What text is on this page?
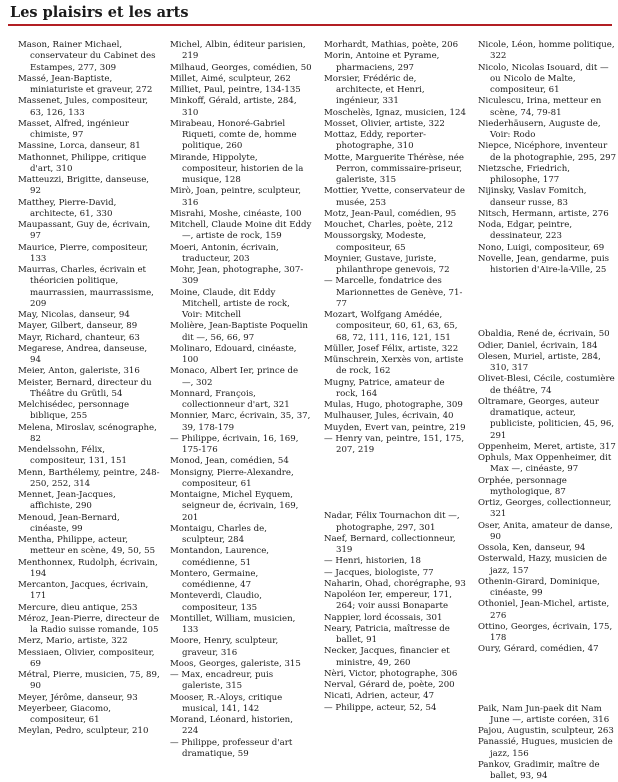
Les plaisirs et les arts

Mason, Rainer Michael, conservateur du Cabinet des Estampes, 277, 309

Massé, Jean-Baptiste, miniaturiste et graveur, 272

Massenet, Jules, compositeur, 63, 126, 133

Masset, Alfred, ingénieur chimiste, 97

Massine, Lorca, danseur, 81

Mathonnet, Philippe, critique d'art, 310

Matteuzzi, Brigitte, danseuse, 92

Matthey, Pierre-David, architecte, 61, 330

Maupassant, Guy de, écrivain, 97

Maurice, Pierre, compositeur, 133

Maurras, Charles, écrivain et théoricien politique, maurrassien, maurrassisme, 209

May, Nicolas, danseur, 94

Mayer, Gilbert, danseur, 89

Mayr, Richard, chanteur, 63

Megarese, Andrea, danseuse, 94

Meier, Anton, galeriste, 316

Meister, Bernard, directeur du Théâtre du Grütli, 54

Melchisédec, personnage biblique, 255

Melena, Miroslav, scénographe, 82

Mendelssohn, Félix, compositeur, 131, 151

Menn, Barthélemy, peintre, 248-250, 252, 314

Mennet, Jean-Jacques, affichiste, 290

Menoud, Jean-Bernard, cinéaste, 99

Mentha, Philippe, acteur, metteur en scène, 49, 50, 55

Menthonnex, Rudolph, écrivain, 194

Mercanton, Jacques, écrivain, 171

Mercure, dieu antique, 253

Méroz, Jean-Pierre, directeur de la Radio suisse romande, 105

Merz, Mario, artiste, 322

Messiaen, Olivier, compositeur, 69

Métral, Pierre, musicien, 75, 89, 90

Meyer, Jérôme, danseur, 93

Meyerbeer, Giacomo, compositeur, 61

Meylan, Pedro, sculpteur, 210

Michel, Albin, éditeur parisien, 219

Milhaud, Georges, comédien, 50

Millet, Aimé, sculpteur, 262

Milliet, Paul, peintre, 134-135

Minkoff, Gérald, artiste, 284, 310

Mirabeau, Honoré-Gabriel Riqueti, comte de, homme politique, 260

Mirande, Hippolyte, compositeur, historien de la musique, 128

Mirò, Joan, peintre, sculpteur, 316

Misrahi, Moshe, cinéaste, 100

Mitchell, Claude Moine dit Eddy —, artiste de rock, 159

Moeri, Antonin, écrivain, traducteur, 203

Mohr, Jean, photographe, 307-309

Moine, Claude, dit Eddy Mitchell, artiste de rock, Voir: Mitchell

Molière, Jean-Baptiste Poquelin dit —, 56, 66, 97

Molinaro, Edouard, cinéaste, 100

Monaco, Albert Ier, prince de —, 302

Monnard, François, collectionneur d'art, 321

Monnier, Marc, écrivain, 35, 37, 39, 178-179

— Philippe, écrivain, 16, 169, 175-176

Monod, Jean, comédien, 54

Monsigny, Pierre-Alexandre, compositeur, 61

Montaigne, Michel Eyquem, seigneur de, écrivain, 169, 201

Montaigu, Charles de, sculpteur, 284

Montandon, Laurence, comédienne, 51

Montero, Germaine, comédienne, 47

Monteverdi, Claudio, compositeur, 135

Montillet, William, musicien, 133

Moore, Henry, sculpteur, graveur, 316

Moos, Georges, galeriste, 315

— Max, encadreur, puis galeriste, 315

Mooser, R.-Aloys, critique musical, 141, 142

Morand, Léonard, historien, 224

— Philippe, professeur d'art dramatique, 59

Morhardt, Mathias, poète, 206

Morin, Antoine et Pyrame, pharmaciens, 297

Morsier, Frédéric de, architecte, et Henri, ingénieur, 331

Moschelès, Ignaz, musicien, 124

Mosset, Olivier, artiste, 322

Mottaz, Eddy, reporter-photographe, 310

Motte, Marguerite Thérèse, née Perron, commissaire-priseur, galeriste, 315

Mottier, Yvette, conservateur de musée, 253

Motz, Jean-Paul, comédien, 95

Mouchet, Charles, poète, 212

Moussorgsky, Modeste, compositeur, 65

Moynier, Gustave, juriste, philanthrope genevois, 72

— Marcelle, fondatrice des Marionnettes de Genève, 71-77

Mozart, Wolfgang Amédée, compositeur, 60, 61, 63, 65, 68, 72, 111, 116, 121, 151

Müller, Josef Félix, artiste, 322

Münschrein, Xerxès von, artiste de rock, 162

Mugny, Patrice, amateur de rock, 164

Mulas, Hugo, photographe, 309

Mulhauser, Jules, écrivain, 40

Muyden, Evert van, peintre, 219

— Henry van, peintre, 151, 175, 207, 219

Nadar, Félix Tournachon dit —, photographe, 297, 301

Naef, Bernard, collectionneur, 319

— Henri, historien, 18

— Jacques, biologiste, 77

Naharin, Ohad, chorégraphe, 93

Napoléon Ier, empereur, 171, 264; voir aussi Bonaparte

Nappier, lord écossais, 301

Neary, Patricia, maîtresse de ballet, 91

Necker, Jacques, financier et ministre, 49, 260

Nèri, Victor, photographe, 306

Nerval, Gérard de, poète, 200

Nicati, Adrien, acteur, 47

— Philippe, acteur, 52, 54

Nicole, Léon, homme politique, 322

Nicolo, Nicolas Isouard, dit — ou Nicolo de Malte, compositeur, 61

Niculescu, Irina, metteur en scène, 74, 79-81

Niederhäusern, Auguste de, Voir: Rodo

Niepce, Nicéphore, inventeur de la photographie, 295, 297

Nietzsche, Friedrich, philosophe, 177

Nijinsky, Vaslav Fomitch, danseur russe, 83

Nitsch, Hermann, artiste, 276

Noda, Edgar, peintre, dessinateur, 223

Nono, Luigi, compositeur, 69

Novelle, Jean, gendarme, puis historien d'Aire-la-Ville, 25

Obaldia, René de, écrivain, 50

Odier, Daniel, écrivain, 184

Olesen, Muriel, artiste, 284, 310, 317

Olivet-Blesi, Cécile, costumière de théâtre, 74

Oltramare, Georges, auteur dramatique, acteur, publiciste, politicien, 45, 96, 291

Oppenheim, Meret, artiste, 317

Ophuls, Max Oppenheimer, dit Max —, cinéaste, 97

Orphée, personnage mythologique, 87

Ortiz, Georges, collectionneur, 321

Oser, Anita, amateur de danse, 90

Ossola, Ken, danseur, 94

Osterwald, Hazy, musicien de jazz, 157

Othenin-Girard, Dominique, cinéaste, 99

Othoniel, Jean-Michel, artiste, 276

Ottino, Georges, écrivain, 175, 178

Oury, Gérard, comédien, 47

Paik, Nam Jun-paek dit Nam June —, artiste coréen, 316

Pajou, Augustin, sculpteur, 263

Panassié, Hugues, musicien de jazz, 156

Pankov, Gradimir, maître de ballet, 93, 94
